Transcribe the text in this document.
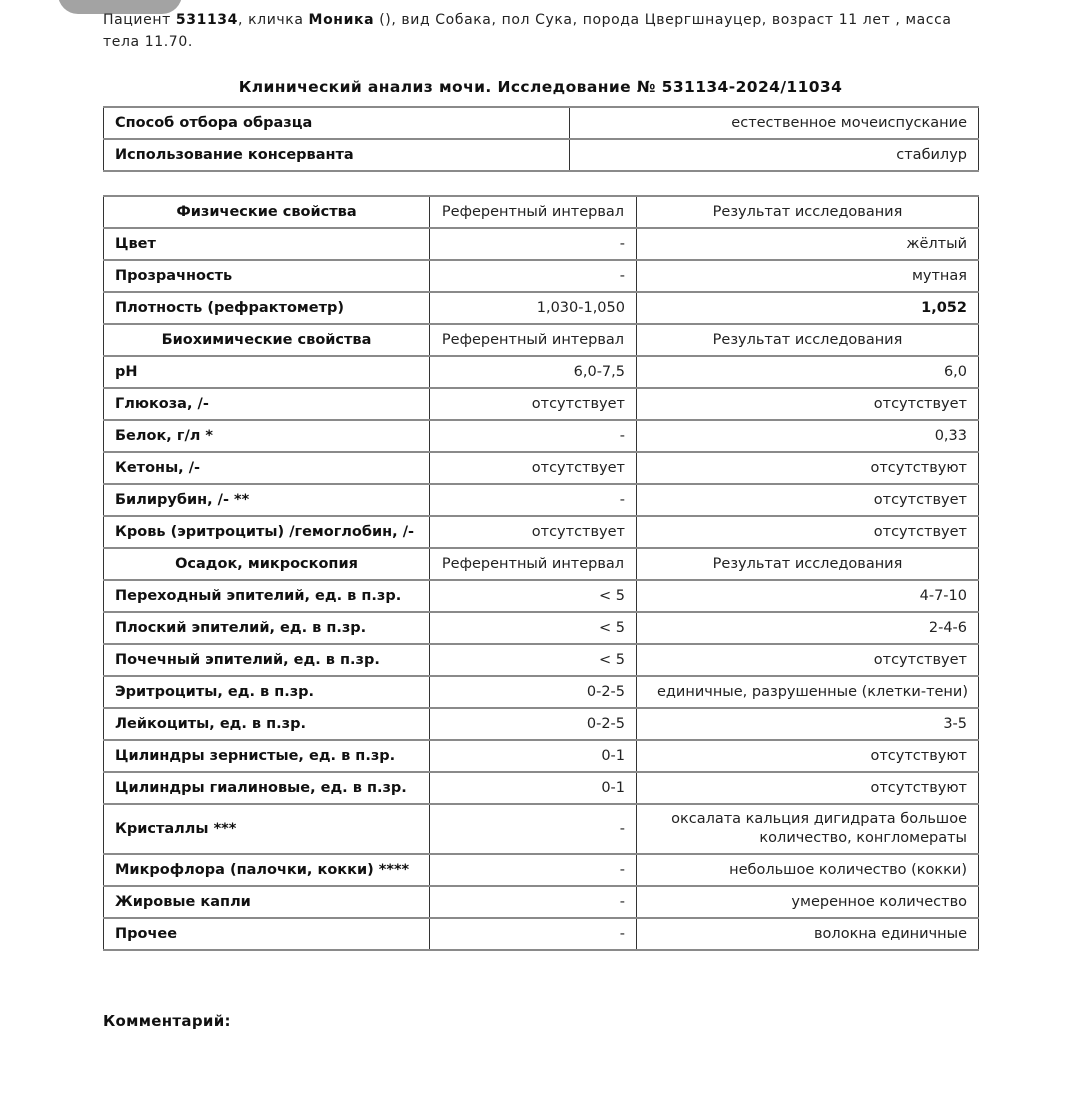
Пациент 531134, кличка Моника (), вид Собака, пол Сука, порода Цвергшнауцер, возраст 11 лет , масса тела 11.70.
Клинический анализ мочи. Исследование № 531134-2024/11034
Способ отбора образца	естественное мочеиспускание
Использование консерванта	стабилур
Физические свойства	Референтный интервал	Результат исследования
Цвет	-	жёлтый
Прозрачность	-	мутная
Плотность (рефрактометр)	1,030-1,050	1,052
Биохимические свойства	Референтный интервал	Результат исследования
pH	6,0-7,5	6,0
Глюкоза, /-	отсутствует	отсутствует
Белок, г/л *	-	0,33
Кетоны, /-	отсутствует	отсутствуют
Билирубин, /- **	-	отсутствует
Кровь (эритроциты) /гемоглобин, /-	отсутствует	отсутствует
Осадок, микроскопия	Референтный интервал	Результат исследования
Переходный эпителий, ед. в п.зр.	< 5	4-7-10
Плоский эпителий, ед. в п.зр.	< 5	2-4-6
Почечный эпителий, ед. в п.зр.	< 5	отсутствует
Эритроциты, ед. в п.зр.	0-2-5	единичные, разрушенные (клетки-тени)
Лейкоциты, ед. в п.зр.	0-2-5	3-5
Цилиндры зернистые, ед. в п.зр.	0-1	отсутствуют
Цилиндры гиалиновые, ед. в п.зр.	0-1	отсутствуют
Кристаллы ***	-	оксалата кальция дигидрата большое количество, конгломераты
Микрофлора (палочки, кокки) ****	-	небольшое количество (кокки)
Жировые капли	-	умеренное количество
Прочее	-	волокна единичные
Комментарий:
